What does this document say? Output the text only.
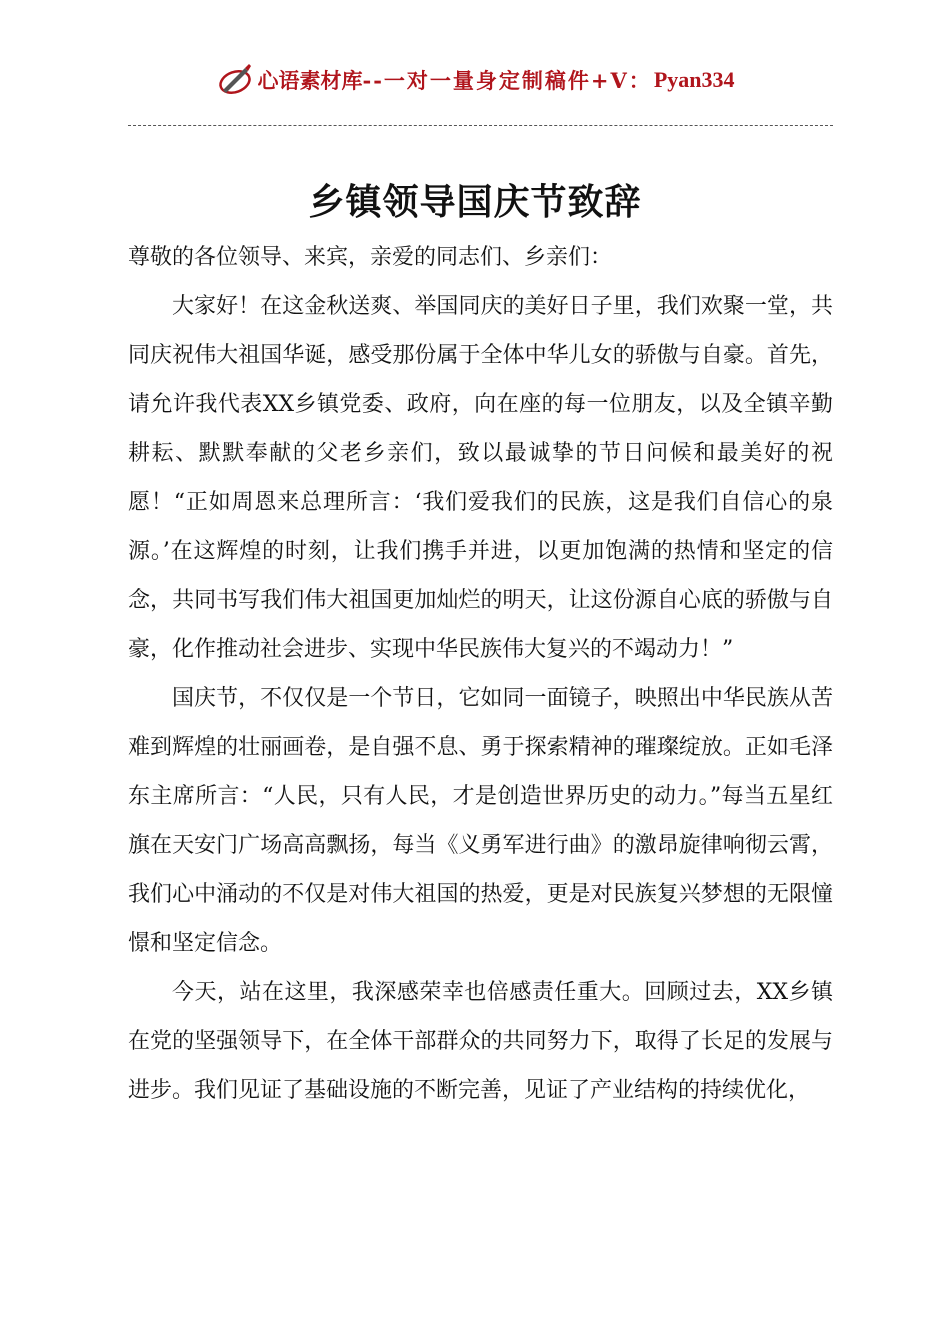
心语素材库 --一对一量身定制稿件+V： Pyan334
乡镇领导国庆节致辞

尊敬的各位领导、来宾，亲爱的同志们、乡亲们：

大家好！在这金秋送爽、举国同庆的美好日子里，我们欢聚一堂，共同庆祝伟大祖国华诞，感受那份属于全体中华儿女的骄傲与自豪。首先，请允许我代表XX乡镇党委、政府，向在座的每一位朋友，以及全镇辛勤耕耘、默默奉献的父老乡亲们，致以最诚挚的节日问候和最美好的祝愿！“正如周恩来总理所言：‘我们爱我们的民族，这是我们自信心的泉源。’在这辉煌的时刻，让我们携手并进，以更加饱满的热情和坚定的信念，共同书写我们伟大祖国更加灿烂的明天，让这份源自心底的骄傲与自豪，化作推动社会进步、实现中华民族伟大复兴的不竭动力！”

国庆节，不仅仅是一个节日，它如同一面镜子，映照出中华民族从苦难到辉煌的壮丽画卷，是自强不息、勇于探索精神的璀璨绽放。正如毛泽东主席所言：“人民，只有人民，才是创造世界历史的动力。”每当五星红旗在天安门广场高高飘扬，每当《义勇军进行曲》的激昂旋律响彻云霄，我们心中涌动的不仅是对伟大祖国的热爱，更是对民族复兴梦想的无限憧憬和坚定信念。

今天，站在这里，我深感荣幸也倍感责任重大。回顾过去，XX乡镇在党的坚强领导下，在全体干部群众的共同努力下，取得了长足的发展与进步。我们见证了基础设施的不断完善，见证了产业结构的持续优化，
